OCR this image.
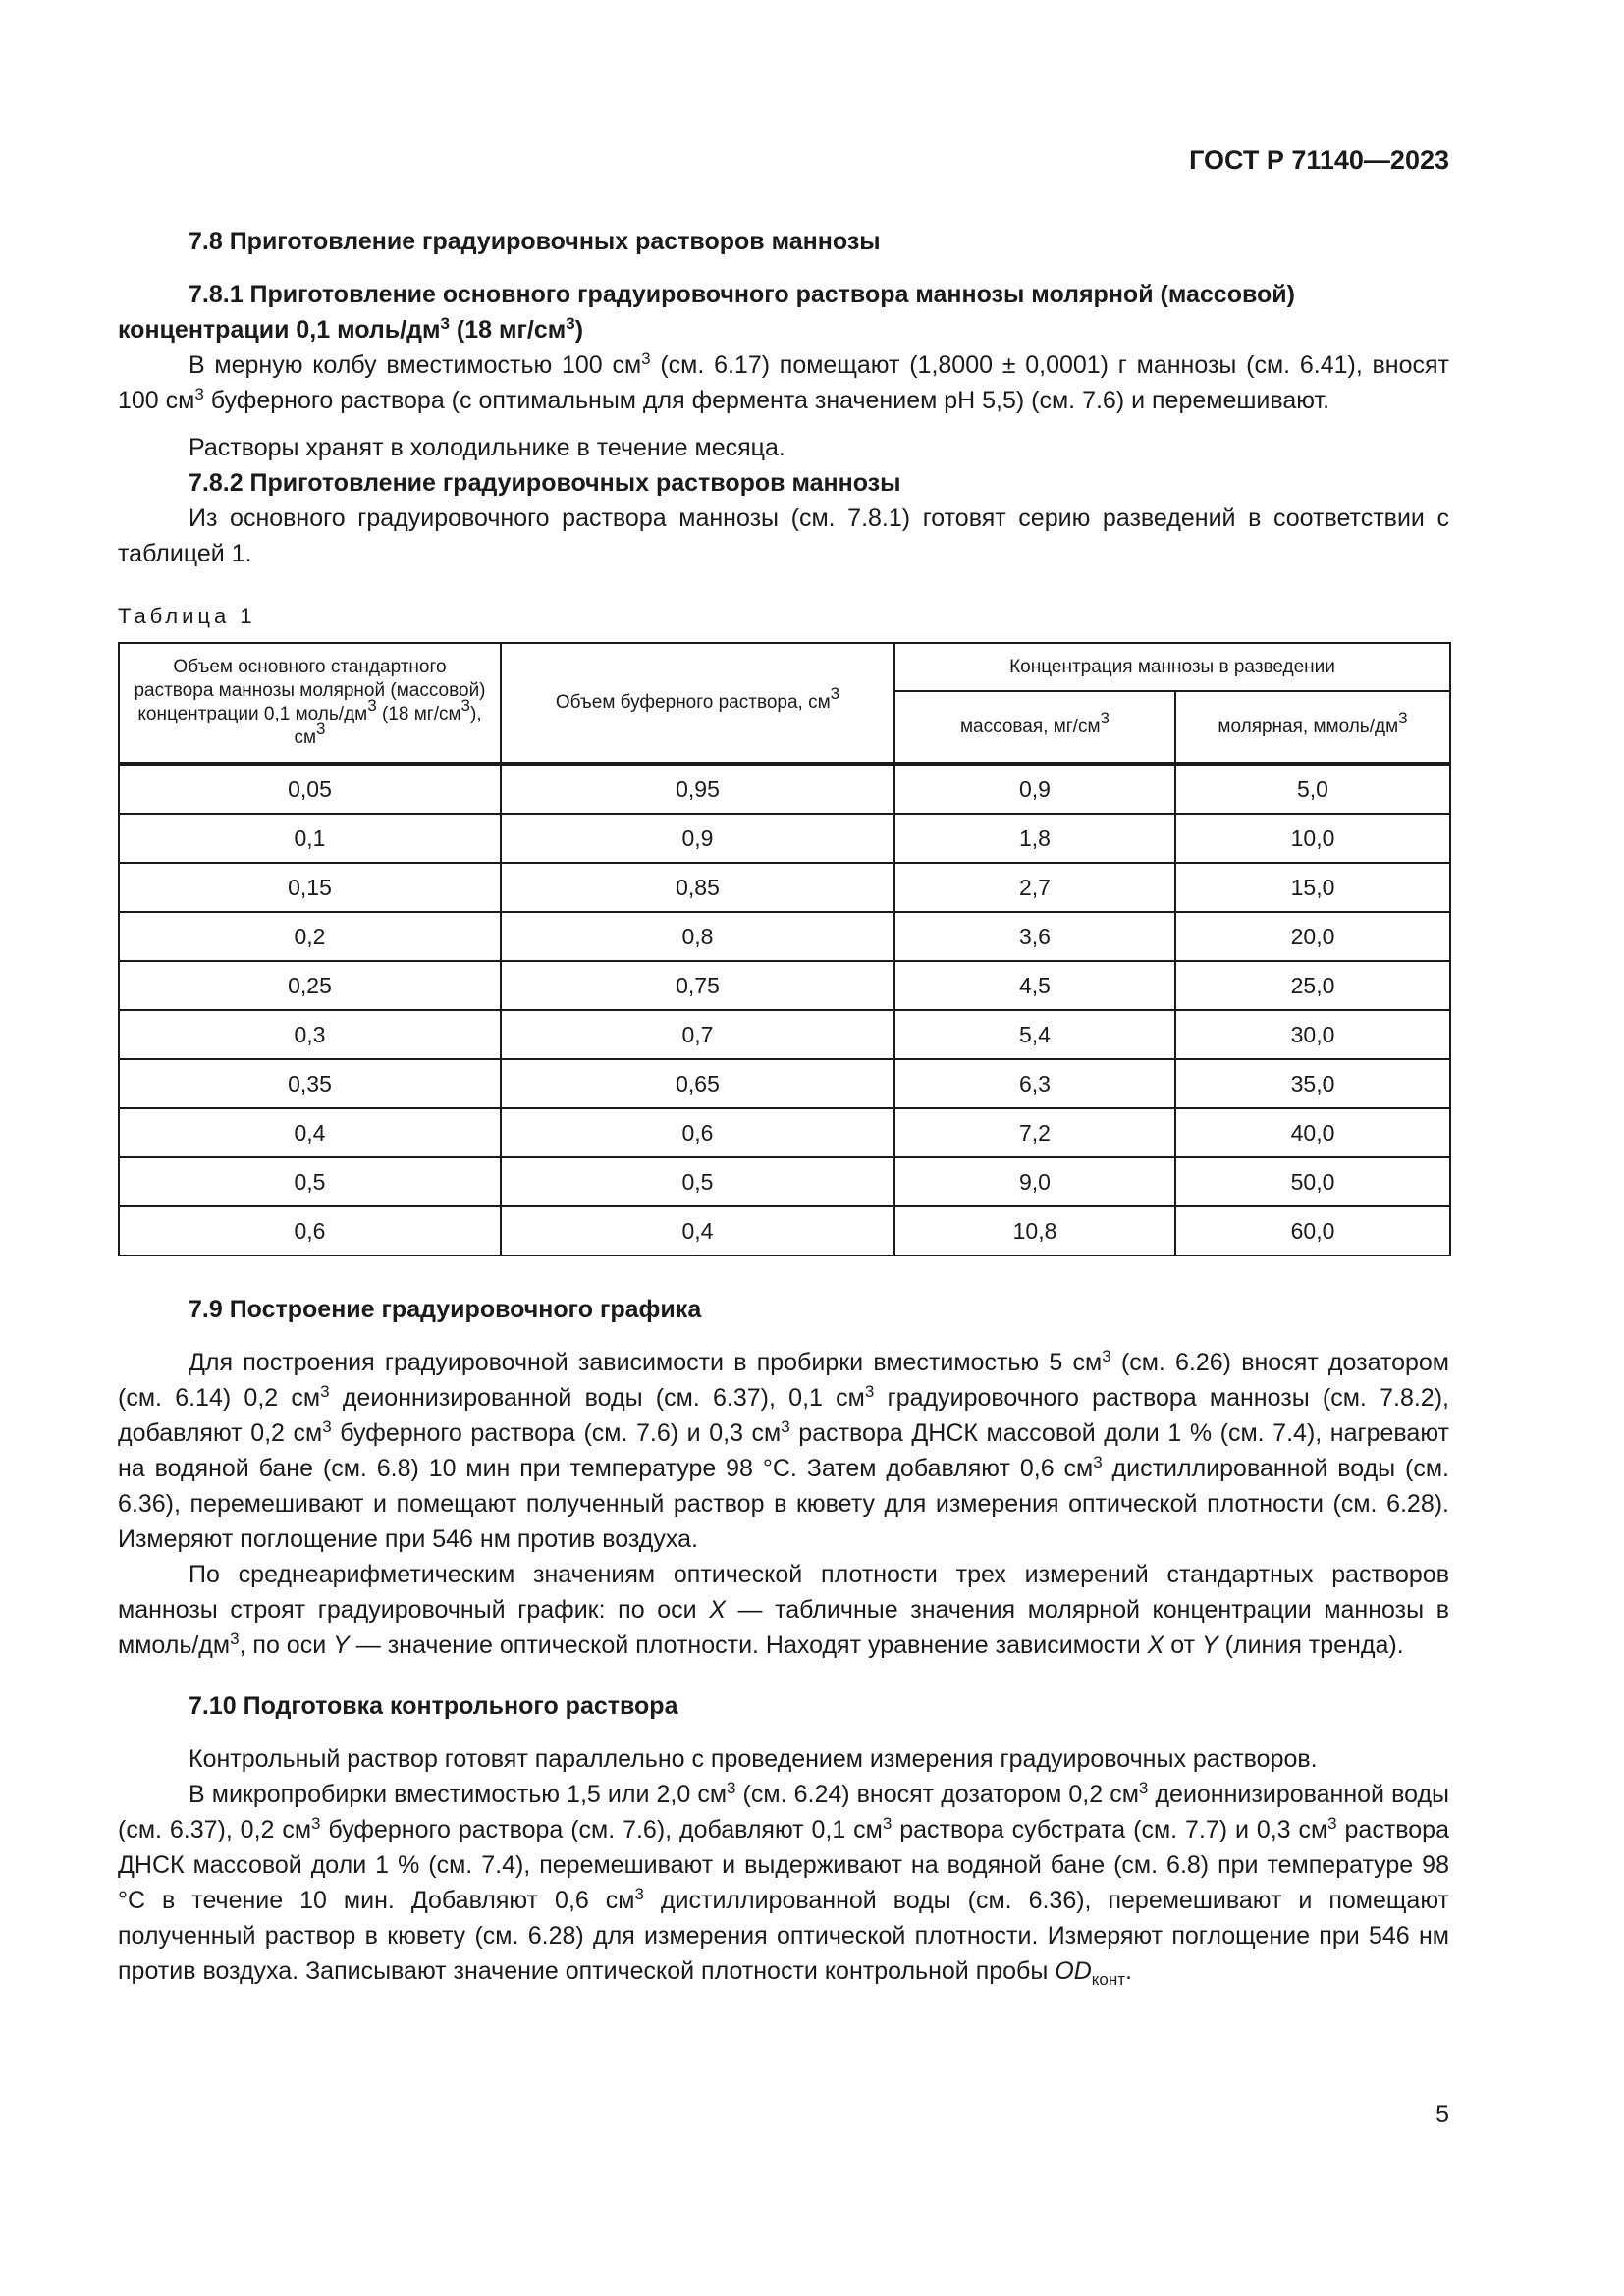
ГОСТ Р 71140—2023
7.8 Приготовление градуировочных растворов маннозы
7.8.1 Приготовление основного градуировочного раствора маннозы молярной (массовой) концентрации 0,1 моль/$дм^3$ (18 $мг/см^3$)
В мерную колбу вместимостью 100 $см^3$ (см. 6.17) помещают (1,8000 ± 0,0001) г маннозы (см. 6.41), вносят 100 $см^3$ буферного раствора (с оптимальным для фермента значением pH 5,5) (см. 7.6) и перемешивают.
Растворы хранят в холодильнике в течение месяца.
7.8.2 Приготовление градуировочных растворов маннозы
Из основного градуировочного раствора маннозы (см. 7.8.1) готовят серию разведений в соответствии с таблицей 1.
Таблица 1
Объем основного стандартного раствора маннозы молярной (массовой) концентрации 0,1 моль/$дм^3$ (18 $мг/см^3$), $см^3$	Объем буферного раствора, $см^3$	Концентрация маннозы в разведении	
		массовая, $мг/см^3$	молярная, ммоль/$дм^3$
0,05	0,95	0,9	5,0
0,1	0,9	1,8	10,0
0,15	0,85	2,7	15,0
0,2	0,8	3,6	20,0
0,25	0,75	4,5	25,0
0,3	0,7	5,4	30,0
0,35	0,65	6,3	35,0
0,4	0,6	7,2	40,0
0,5	0,5	9,0	50,0
0,6	0,4	10,8	60,0
7.9 Построение градуировочного графика
Для построения градуировочной зависимости в пробирки вместимостью 5 $см^3$ (см. 6.26) вносят дозатором (см. 6.14) 0,2 $см^3$ деионнизированной воды (см. 6.37), 0,1 $см^3$ градуировочного раствора маннозы (см. 7.8.2), добавляют 0,2 $см^3$ буферного раствора (см. 7.6) и 0,3 $см^3$ раствора ДНСК массовой доли 1 % (см. 7.4), нагревают на водяной бане (см. 6.8) 10 мин при температуре 98 °С. Затем добавляют 0,6 $см^3$ дистиллированной воды (см. 6.36), перемешивают и помещают полученный раствор в кювету для измерения оптической плотности (см. 6.28). Измеряют поглощение при 546 нм против воздуха.
По среднеарифметическим значениям оптической плотности трех измерений стандартных растворов маннозы строят градуировочный график: по оси X — табличные значения молярной концентрации маннозы в ммоль/$дм^3$, по оси Y — значение оптической плотности. Находят уравнение зависимости X от Y (линия тренда).
7.10 Подготовка контрольного раствора
Контрольный раствор готовят параллельно с проведением измерения градуировочных растворов.
В микропробирки вместимостью 1,5 или 2,0 $см^3$ (см. 6.24) вносят дозатором 0,2 $см^3$ деионнизированной воды (см. 6.37), 0,2 $см^3$ буферного раствора (см. 7.6), добавляют 0,1 $см^3$ раствора субстрата (см. 7.7) и 0,3 $см^3$ раствора ДНСК массовой доли 1 % (см. 7.4), перемешивают и выдерживают на водяной бане (см. 6.8) при температуре 98 °С в течение 10 мин. Добавляют 0,6 $см^3$ дистиллированной воды (см. 6.36), перемешивают и помещают полученный раствор в кювету (см. 6.28) для измерения оптической плотности. Измеряют поглощение при 546 нм против воздуха. Записывают значение оптической плотности контрольной пробы $OD_{конт}$.
5
